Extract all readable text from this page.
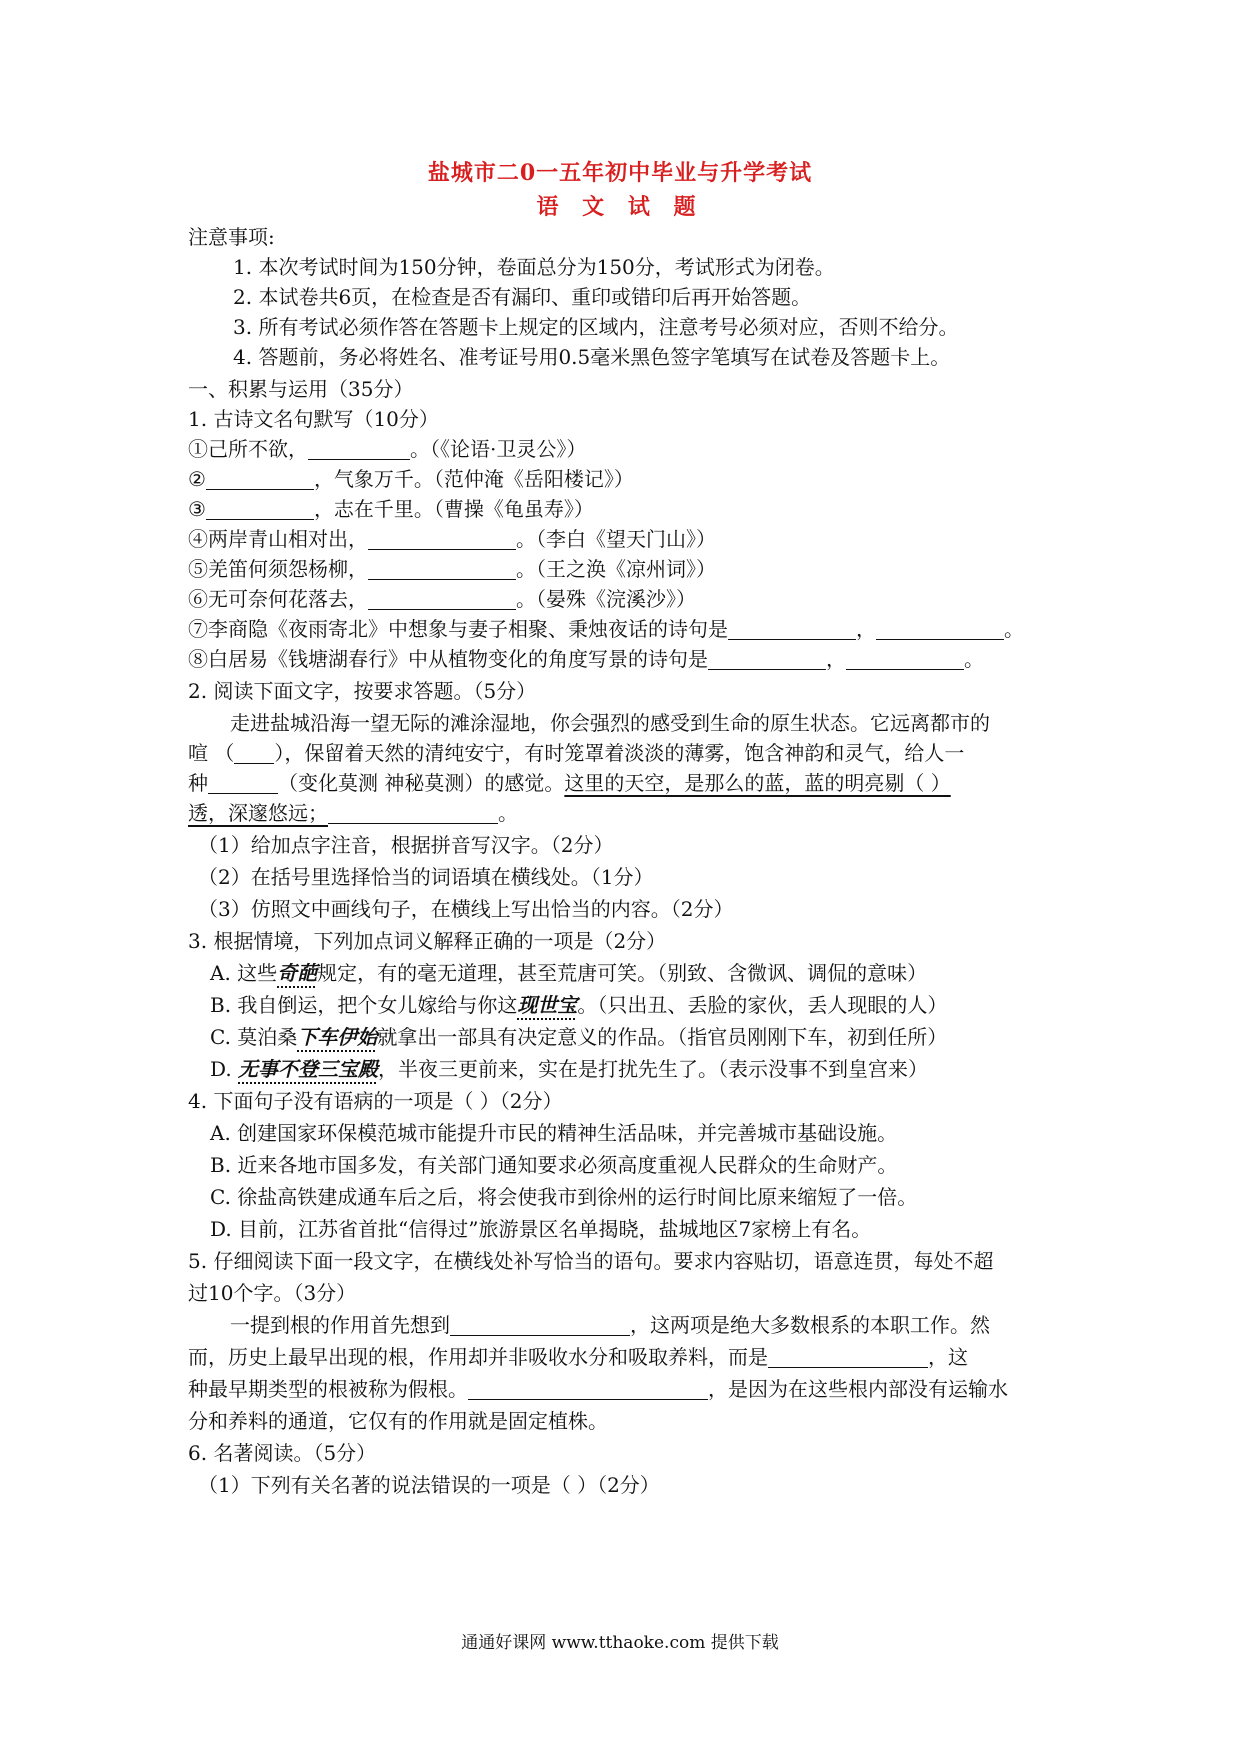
盐城市二0一五年初中毕业与升学考试
语 文 试 题
注意事项:
1. 本次考试时间为150分钟，卷面总分为150分，考试形式为闭卷。
2. 本试卷共6页，在检查是否有漏印、重印或错印后再开始答题。
3. 所有考试必须作答在答题卡上规定的区域内，注意考号必须对应，否则不给分。
4. 答题前，务必将姓名、准考证号用0.5毫米黑色签字笔填写在试卷及答题卡上。
一、积累与运用（35分）
1. 古诗文名句默写（10分）
①己所不欲，	。（《论语·卫灵公》）
②	，气象万千。（范仲淹《岳阳楼记》）
③	，志在千里。（曹操《龟虽寿》）
④两岸青山相对出，	。（李白《望天门山》）
⑤羌笛何须怨杨柳，	。（王之涣《凉州词》）
⑥无可奈何花落去，	。（晏殊《浣溪沙》）
⑦李商隐《夜雨寄北》中想象与妻子相聚、秉烛夜话的诗句是	，	。
⑧白居易《钱塘湖春行》中从植物变化的角度写景的诗句是	，	。
2. 阅读下面文字，按要求答题。（5分）
走进盐城沿海一望无际的滩涂湿地，你会强烈的感受到生命的原生状态。它远离都市的
喧 （ ），保留着天然的清纯安宁，有时笼罩着淡淡的薄雾，饱含神韵和灵气，给人一
种	（变化莫测 神秘莫测）的感觉。这里的天空，是那么的蓝，蓝的明亮剔（ ）
透，深邃悠远；	。
（1）给加点字注音，根据拼音写汉字。（2分）
（2）在括号里选择恰当的词语填在横线处。（1分）
（3）仿照文中画线句子，在横线上写出恰当的内容。（2分）
3. 根据情境，下列加点词义解释正确的一项是（2分）
A. 这些奇葩规定，有的毫无道理，甚至荒唐可笑。（别致、含微讽、调侃的意味）
B. 我自倒运，把个女儿嫁给与你这现世宝。（只出丑、丢脸的家伙，丢人现眼的人）
C. 莫泊桑下车伊始就拿出一部具有决定意义的作品。（指官员刚刚下车，初到任所）
D. 无事不登三宝殿，半夜三更前来，实在是打扰先生了。（表示没事不到皇宫来）
4. 下面句子没有语病的一项是（ ）（2分）
A. 创建国家环保模范城市能提升市民的精神生活品味，并完善城市基础设施。
B. 近来各地市国多发，有关部门通知要求必须高度重视人民群众的生命财产。
C. 徐盐高铁建成通车后之后，将会使我市到徐州的运行时间比原来缩短了一倍。
D. 目前，江苏省首批“信得过”旅游景区名单揭晓，盐城地区7家榜上有名。
5. 仔细阅读下面一段文字，在横线处补写恰当的语句。要求内容贴切，语意连贯，每处不超
过10个字。（3分）
一提到根的作用首先想到	，这两项是绝大多数根系的本职工作。然
而，历史上最早出现的根，作用却并非吸收水分和吸取养料，而是	，这
种最早期类型的根被称为假根。	，是因为在这些根内部没有运输水
分和养料的通道，它仅有的作用就是固定植株。
6. 名著阅读。（5分）
（1）下列有关名著的说法错误的一项是（ ）（2分）
通通好课网 www.tthaoke.com 提供下载
